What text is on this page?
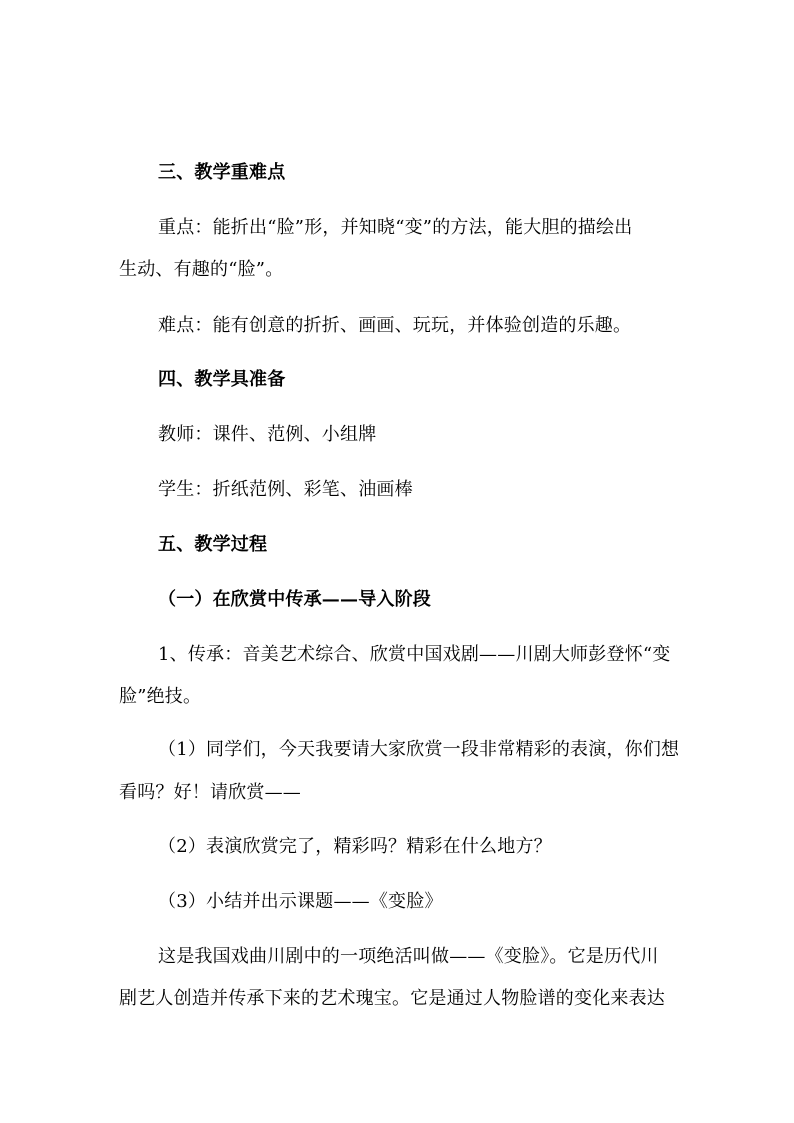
三、教学重难点
重点：能折出“脸”形，并知晓“变”的方法，能大胆的描绘出
生动、有趣的“脸”。
难点：能有创意的折折、画画、玩玩，并体验创造的乐趣。
四、教学具准备
教师：课件、范例、小组牌
学生：折纸范例、彩笔、油画棒
五、教学过程
（一）在欣赏中传承——导入阶段
1、传承：音美艺术综合、欣赏中国戏剧——川剧大师彭登怀“变
脸”绝技。
（1）同学们，今天我要请大家欣赏一段非常精彩的表演，你们想
看吗？好！请欣赏——
（2）表演欣赏完了，精彩吗？精彩在什么地方？
（3）小结并出示课题——《变脸》
这是我国戏曲川剧中的一项绝活叫做——《变脸》。它是历代川
剧艺人创造并传承下来的艺术瑰宝。它是通过人物脸谱的变化来表达
